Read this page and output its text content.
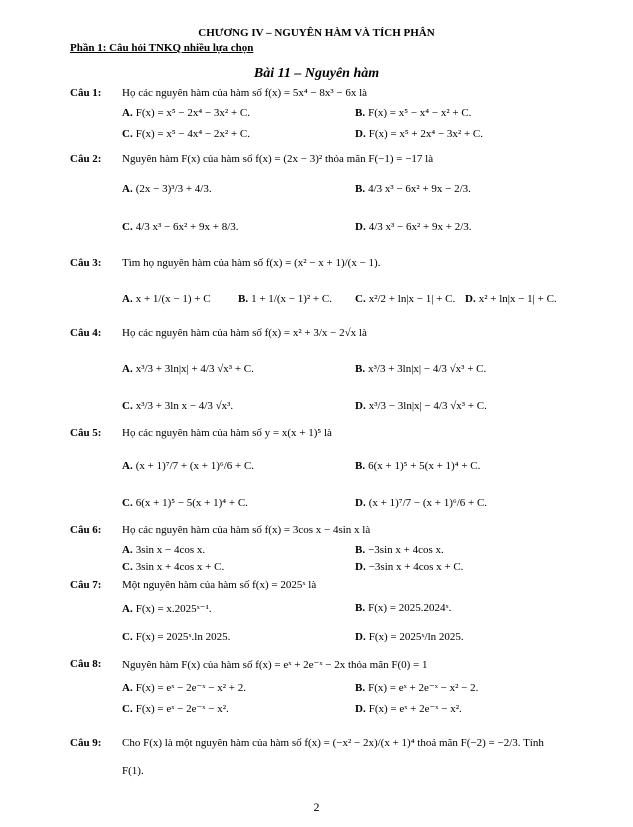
CHƯƠNG IV – NGUYÊN HÀM VÀ TÍCH PHÂN
Phần 1: Câu hỏi TNKQ nhiều lựa chọn
Bài 11 – Nguyên hàm
Câu 1: Họ các nguyên hàm của hàm số f(x) = 5x⁴ − 8x³ − 6x là
A. F(x) = x⁵ − 2x⁴ − 3x² + C.	B. F(x) = x⁵ − x⁴ − x² + C.
C. F(x) = x⁵ − 4x⁴ − 2x² + C.	D. F(x) = x⁵ + 2x⁴ − 3x² + C.
Câu 2: Nguyên hàm F(x) của hàm số f(x) = (2x − 3)² thỏa mãn F(−1) = −17 là
A. (2x − 3)³/3 + 4/3.	B. 4/3 x³ − 6x² + 9x − 2/3.
C. 4/3 x³ − 6x² + 9x + 8/3.	D. 4/3 x³ − 6x² + 9x + 2/3.
Câu 3: Tìm họ nguyên hàm của hàm số f(x) = (x² − x + 1)/(x − 1).
A. x + 1/(x − 1) + C B. 1 + 1/(x − 1)² + C. C. x²/2 + ln|x − 1| + C. D. x² + ln|x − 1| + C.
Câu 4: Họ các nguyên hàm của hàm số f(x) = x² + 3/x − 2√x là
A. x³/3 + 3ln|x| + 4/3 √x³ + C.	B. x³/3 + 3ln|x| − 4/3 √x³ + C.
C. x³/3 + 3ln x − 4/3 √x³.	D. x³/3 − 3ln|x| − 4/3 √x³ + C.
Câu 5: Họ các nguyên hàm của hàm số y = x(x + 1)⁵ là
A. (x + 1)⁷/7 + (x + 1)⁶/6 + C.	B. 6(x + 1)⁵ + 5(x + 1)⁴ + C.
C. 6(x + 1)⁵ − 5(x + 1)⁴ + C.	D. (x + 1)⁷/7 − (x + 1)⁶/6 + C.
Câu 6: Họ các nguyên hàm của hàm số f(x) = 3cos x − 4sin x là
A. 3sin x − 4cos x.	B. −3sin x + 4cos x.
C. 3sin x + 4cos x + C.	D. −3sin x + 4cos x + C.
Câu 7: Một nguyên hàm của hàm số f(x) = 2025ˣ là
A. F(x) = x.2025ˣ⁻¹.	B. F(x) = 2025.2024ˣ.
C. F(x) = 2025ˣ.ln 2025.	D. F(x) = 2025ˣ/ln 2025.
Câu 8: Nguyên hàm F(x) của hàm số f(x) = eˣ + 2e⁻ˣ − 2x thỏa mãn F(0) = 1
A. F(x) = eˣ − 2e⁻ˣ − x² + 2.	B. F(x) = eˣ + 2e⁻ˣ − x² − 2.
C. F(x) = eˣ − 2e⁻ˣ − x².	D. F(x) = eˣ + 2e⁻ˣ − x².
Câu 9: Cho F(x) là một nguyên hàm của hàm số f(x) = (−x² − 2x)/(x + 1)⁴ thoả mãn F(−2) = −2/3. Tính
F(1).
2
